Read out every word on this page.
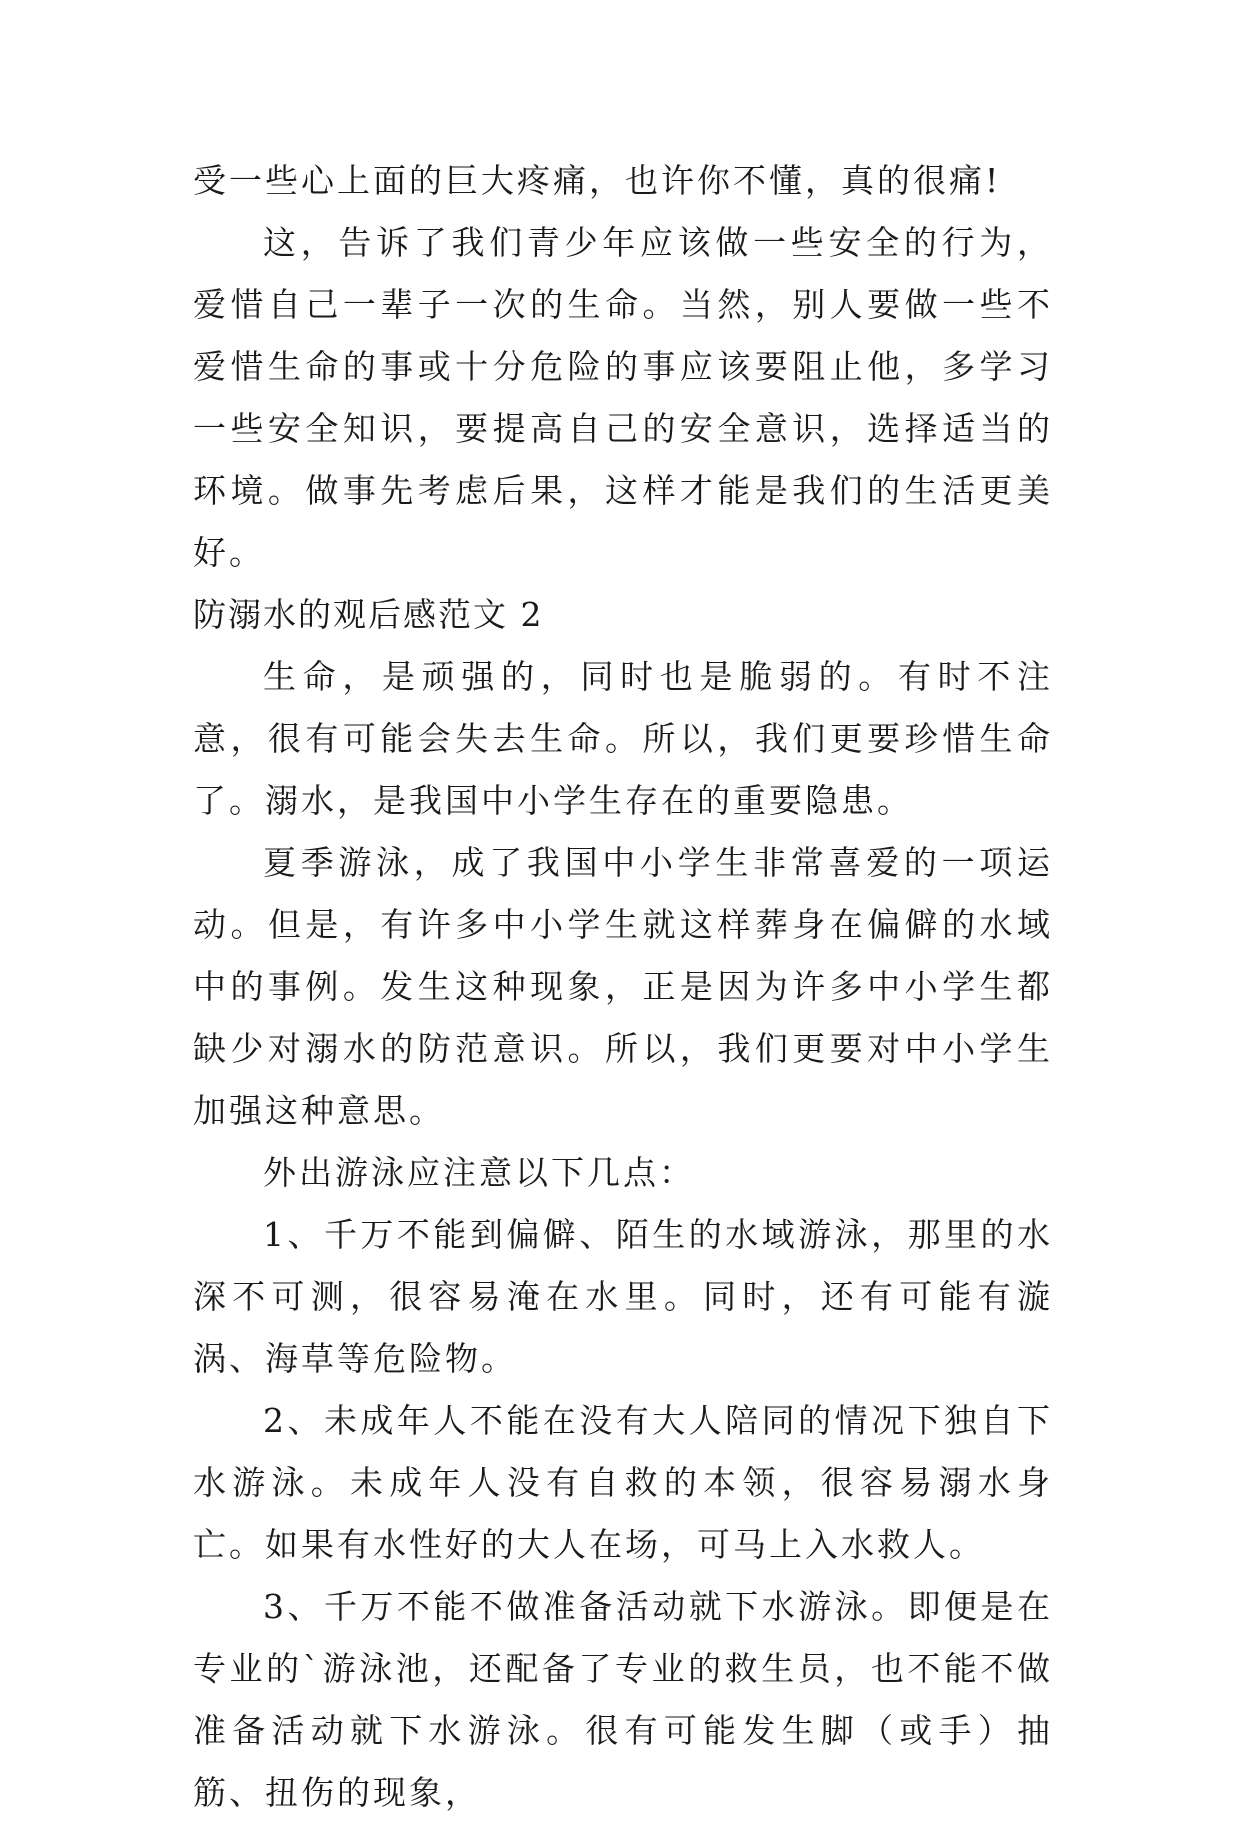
受一些心上面的巨大疼痛，也许你不懂，真的很痛!

这，告诉了我们青少年应该做一些安全的行为，爱惜自己一辈子一次的生命。当然，别人要做一些不爱惜生命的事或十分危险的事应该要阻止他，多学习一些安全知识，要提高自己的安全意识，选择适当的环境。做事先考虑后果，这样才能是我们的生活更美好。

防溺水的观后感范文 2

生命，是顽强的，同时也是脆弱的。有时不注意，很有可能会失去生命。所以，我们更要珍惜生命了。溺水，是我国中小学生存在的重要隐患。

夏季游泳，成了我国中小学生非常喜爱的一项运动。但是，有许多中小学生就这样葬身在偏僻的水域中的事例。发生这种现象，正是因为许多中小学生都缺少对溺水的防范意识。所以，我们更要对中小学生加强这种意思。

外出游泳应注意以下几点：

1、千万不能到偏僻、陌生的水域游泳，那里的水深不可测，很容易淹在水里。同时，还有可能有漩涡、海草等危险物。

2、未成年人不能在没有大人陪同的情况下独自下水游泳。未成年人没有自救的本领，很容易溺水身亡。如果有水性好的大人在场，可马上入水救人。

3、千万不能不做准备活动就下水游泳。即便是在专业的`游泳池，还配备了专业的救生员，也不能不做准备活动就下水游泳。很有可能发生脚（或手）抽筋、扭伤的现象，
